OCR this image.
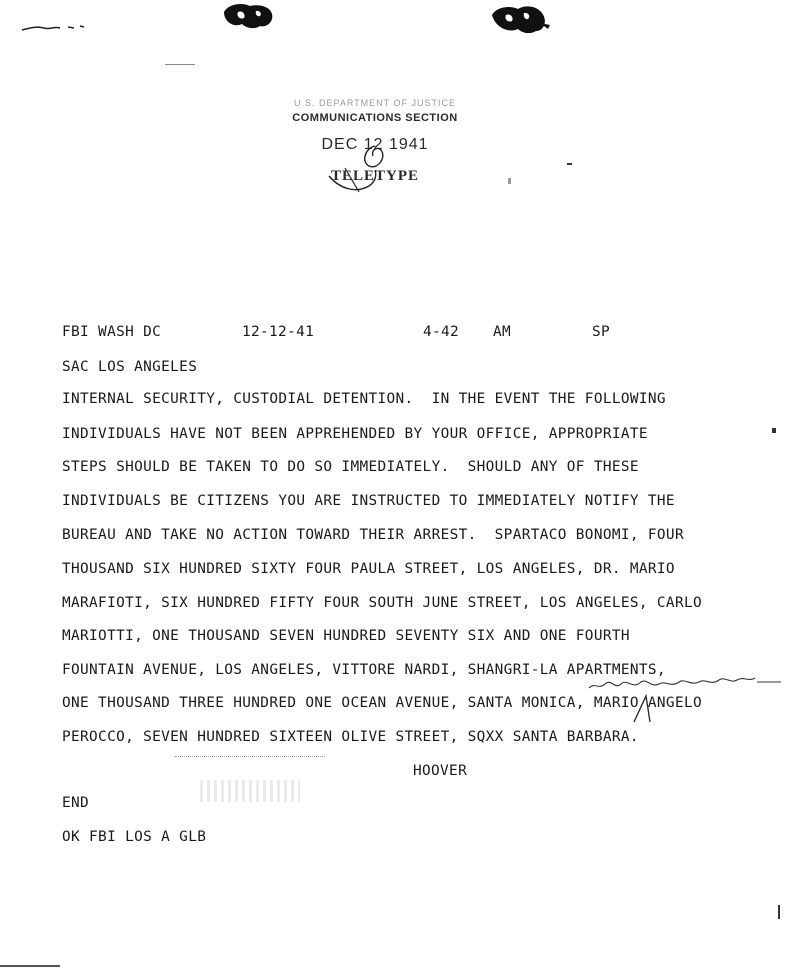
U.S. DEPARTMENT OF JUSTICE
COMMUNICATIONS SECTION
DEC 12 1941
TELETYPE
FBI WASH DC	12-12-41	4-42 AM	SP
SAC LOS ANGELES
INTERNAL SECURITY, CUSTODIAL DETENTION.  IN THE EVENT THE FOLLOWING
INDIVIDUALS HAVE NOT BEEN APPREHENDED BY YOUR OFFICE, APPROPRIATE
STEPS SHOULD BE TAKEN TO DO SO IMMEDIATELY.  SHOULD ANY OF THESE
INDIVIDUALS BE CITIZENS YOU ARE INSTRUCTED TO IMMEDIATELY NOTIFY THE
BUREAU AND TAKE NO ACTION TOWARD THEIR ARREST.  SPARTACO BONOMI, FOUR
THOUSAND SIX HUNDRED SIXTY FOUR PAULA STREET, LOS ANGELES, DR. MARIO
MARAFIOTI, SIX HUNDRED FIFTY FOUR SOUTH JUNE STREET, LOS ANGELES, CARLO
MARIOTTI, ONE THOUSAND SEVEN HUNDRED SEVENTY SIX AND ONE FOURTH
FOUNTAIN AVENUE, LOS ANGELES, VITTORE NARDI, SHANGRI-LA APARTMENTS,
ONE THOUSAND THREE HUNDRED ONE OCEAN AVENUE, SANTA MONICA, MARIO ANGELO
PEROCCO, SEVEN HUNDRED SIXTEEN OLIVE STREET, SQXX SANTA BARBARA.
HOOVER
END
OK FBI LOS A GLB
